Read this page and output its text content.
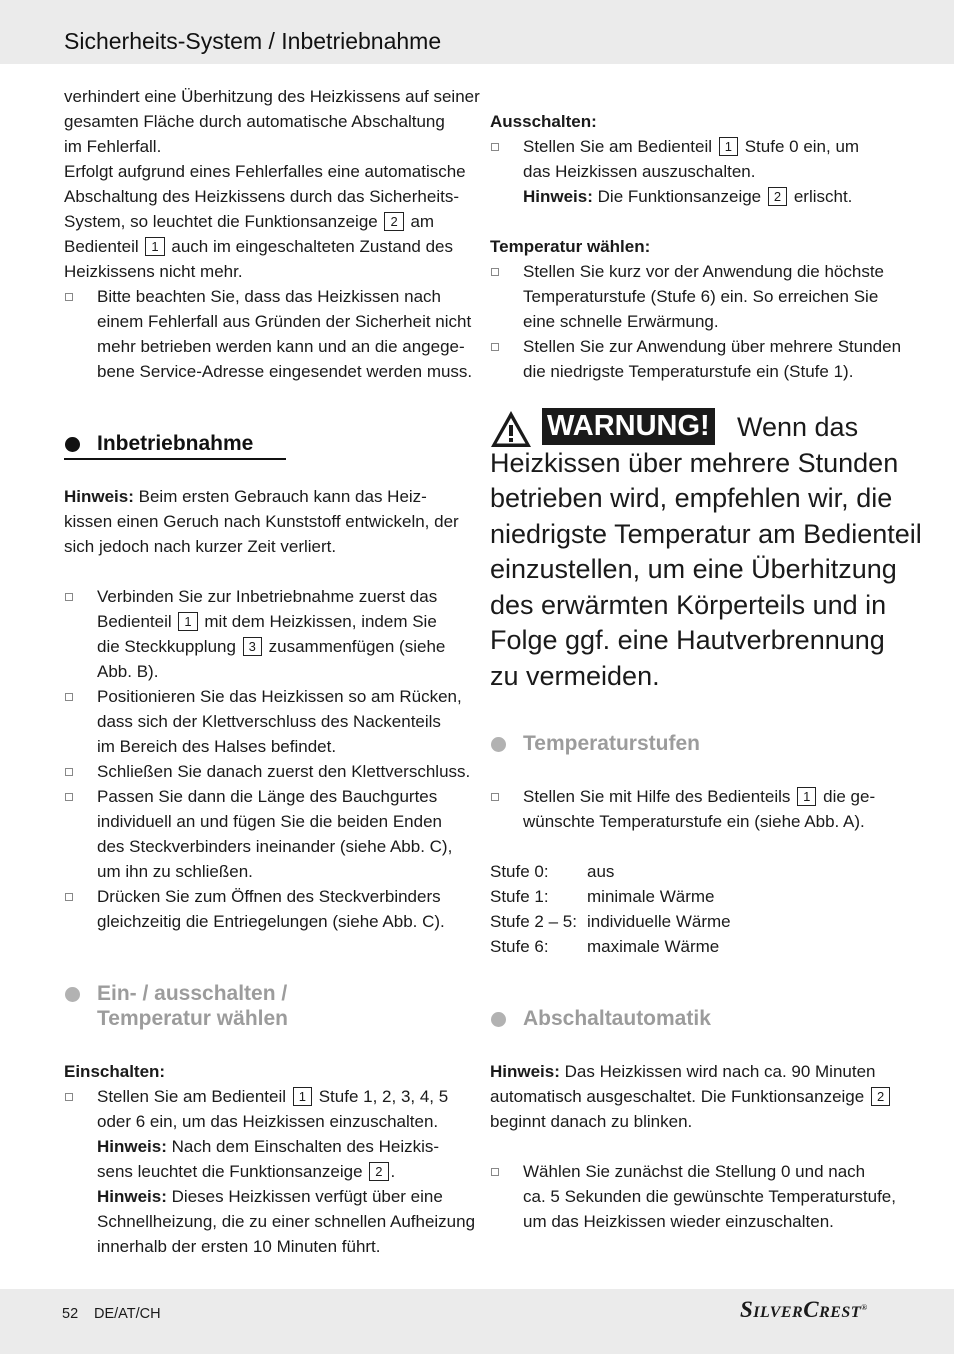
Sicherheits-System / Inbetriebnahme
verhindert eine Überhitzung des Heizkissens auf seiner
gesamten Fläche durch automatische Abschaltung
im Fehlerfall.
Erfolgt aufgrund eines Fehlerfalles eine automatische
Abschaltung des Heizkissens durch das Sicherheits-
System, so leuchtet die Funktionsanzeige 2 am
Bedienteil 1 auch im eingeschalteten Zustand des
Heizkissens nicht mehr.
Bitte beachten Sie, dass das Heizkissen nach
einem Fehlerfall aus Gründen der Sicherheit nicht
mehr betrieben werden kann und an die angege-
bene Service-Adresse eingesendet werden muss.
Inbetriebnahme
Hinweis: Beim ersten Gebrauch kann das Heiz-
kissen einen Geruch nach Kunststoff entwickeln, der
sich jedoch nach kurzer Zeit verliert.
Verbinden Sie zur Inbetriebnahme zuerst das
Bedienteil 1 mit dem Heizkissen, indem Sie
die Steckkupplung 3 zusammenfügen (siehe
Abb. B).
Positionieren Sie das Heizkissen so am Rücken,
dass sich der Klettverschluss des Nackenteils
im Bereich des Halses befindet.
Schließen Sie danach zuerst den Klettverschluss.
Passen Sie dann die Länge des Bauchgurtes
individuell an und fügen Sie die beiden Enden
des Steckverbinders ineinander (siehe Abb. C),
um ihn zu schließen.
Drücken Sie zum Öffnen des Steckverbinders
gleichzeitig die Entriegelungen (siehe Abb. C).
Ein- / ausschalten /
Temperatur wählen
Einschalten:
Stellen Sie am Bedienteil 1 Stufe 1, 2, 3, 4, 5
oder 6 ein, um das Heizkissen einzuschalten.
Hinweis: Nach dem Einschalten des Heizkis-
sens leuchtet die Funktionsanzeige 2 .
Hinweis: Dieses Heizkissen verfügt über eine
Schnellheizung, die zu einer schnellen Aufheizung
innerhalb der ersten 10 Minuten führt.
Ausschalten:
Stellen Sie am Bedienteil 1 Stufe 0 ein, um
das Heizkissen auszuschalten.
Hinweis: Die Funktionsanzeige 2 erlischt.
Temperatur wählen:
Stellen Sie kurz vor der Anwendung die höchste
Temperaturstufe (Stufe 6) ein. So erreichen Sie
eine schnelle Erwärmung.
Stellen Sie zur Anwendung über mehrere Stunden
die niedrigste Temperaturstufe ein (Stufe 1).
WARNUNG! Wenn das
Heizkissen über mehrere Stunden
betrieben wird, empfehlen wir, die
niedrigste Temperatur am Bedienteil
einzustellen, um eine Überhitzung
des erwärmten Körperteils und in
Folge ggf. eine Hautverbrennung
zu vermeiden.
Temperaturstufen
Stellen Sie mit Hilfe des Bedienteils 1 die ge-
wünschte Temperaturstufe ein (siehe Abb. A).
Stufe 0: aus
Stufe 1: minimale Wärme
Stufe 2 – 5: individuelle Wärme
Stufe 6: maximale Wärme
Abschaltautomatik
Hinweis: Das Heizkissen wird nach ca. 90 Minuten
automatisch ausgeschaltet. Die Funktionsanzeige 2
beginnt danach zu blinken.
Wählen Sie zunächst die Stellung 0 und nach
ca. 5 Sekunden die gewünschte Temperaturstufe,
um das Heizkissen wieder einzuschalten.
52 DE/AT/CH	SILVERCREST®
